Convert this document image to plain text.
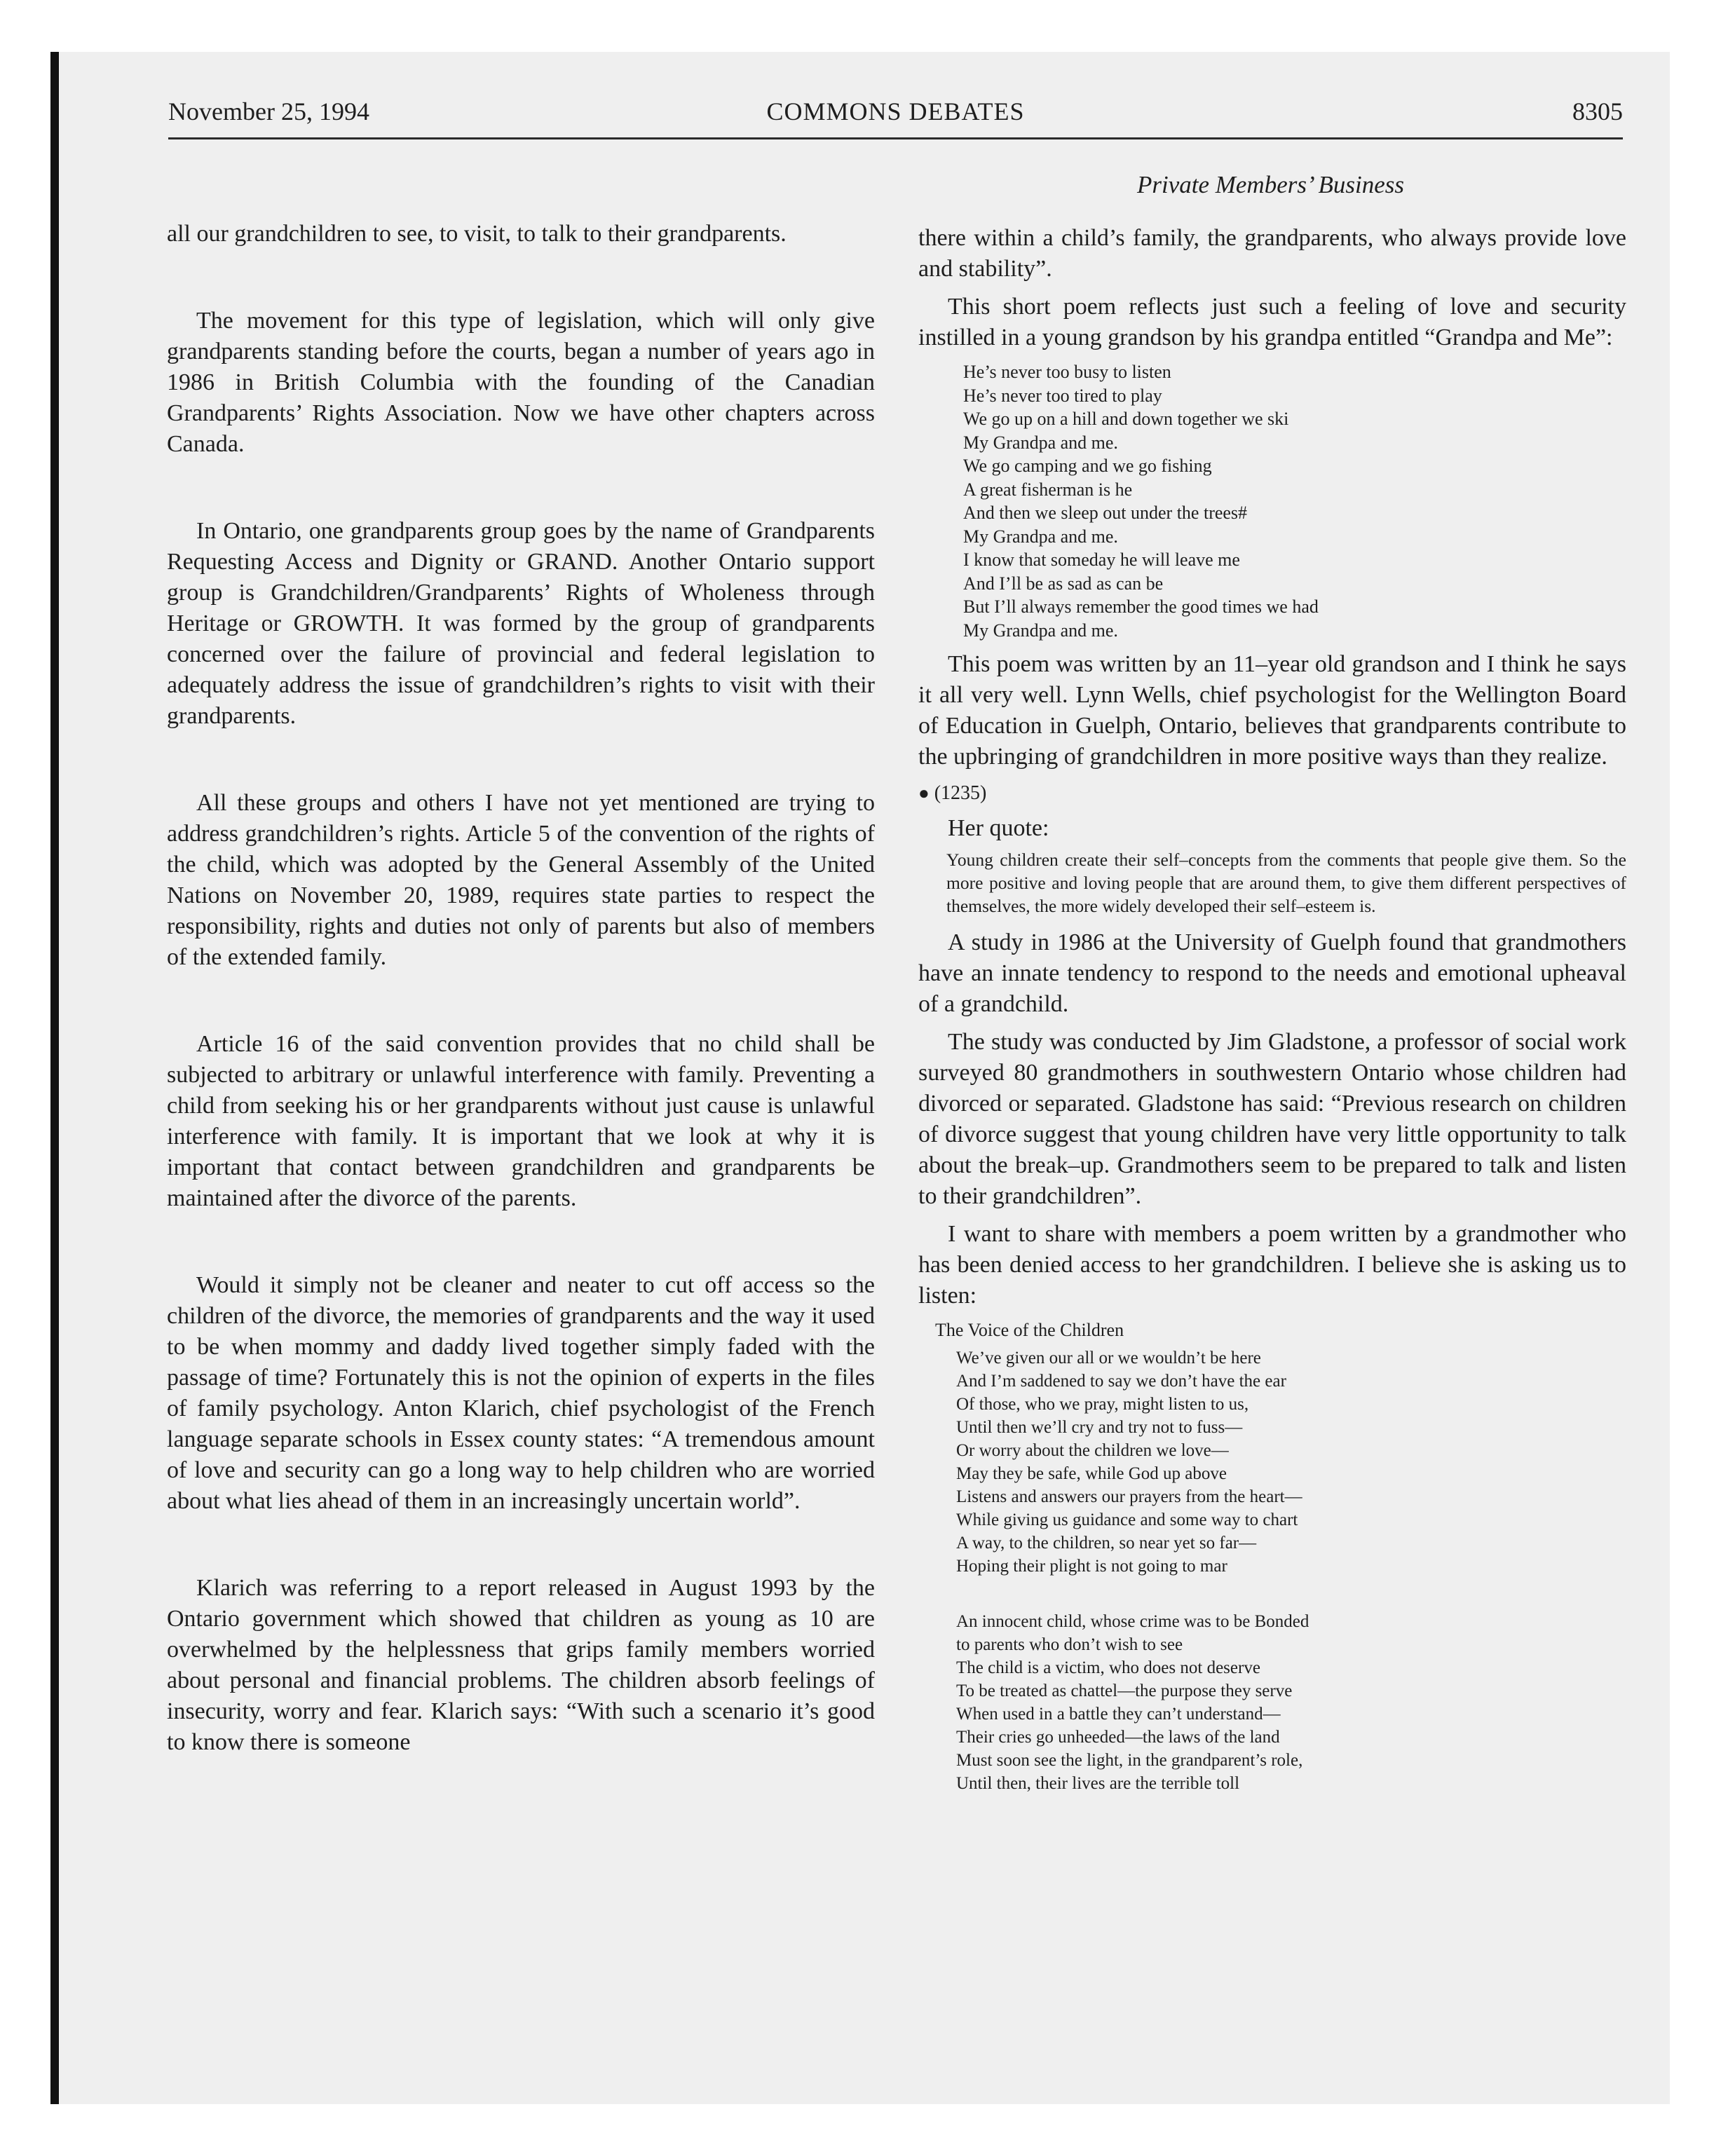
November 25, 1994	COMMONS DEBATES	8305
Private Members’ Business

all our grandchildren to see, to visit, to talk to their grandparents.

The movement for this type of legislation, which will only give grandparents standing before the courts, began a number of years ago in 1986 in British Columbia with the founding of the Canadian Grandparents’ Rights Association. Now we have other chapters across Canada.

In Ontario, one grandparents group goes by the name of Grandparents Requesting Access and Dignity or GRAND. Another Ontario support group is Grandchildren/Grandparents’ Rights of Wholeness through Heritage or GROWTH. It was formed by the group of grandparents concerned over the failure of provincial and federal legislation to adequately address the issue of grandchildren’s rights to visit with their grandparents.

All these groups and others I have not yet mentioned are trying to address grandchildren’s rights. Article 5 of the convention of the rights of the child, which was adopted by the General Assembly of the United Nations on November 20, 1989, requires state parties to respect the responsibility, rights and duties not only of parents but also of members of the extended family.

Article 16 of the said convention provides that no child shall be subjected to arbitrary or unlawful interference with family. Preventing a child from seeking his or her grandparents without just cause is unlawful interference with family. It is important that we look at why it is important that contact between grandchildren and grandparents be maintained after the divorce of the parents.

Would it simply not be cleaner and neater to cut off access so the children of the divorce, the memories of grandparents and the way it used to be when mommy and daddy lived together simply faded with the passage of time? Fortunately this is not the opinion of experts in the files of family psychology. Anton Klarich, chief psychologist of the French language separate schools in Essex county states: “A tremendous amount of love and security can go a long way to help children who are worried about what lies ahead of them in an increasingly uncertain world”.

Klarich was referring to a report released in August 1993 by the Ontario government which showed that children as young as 10 are overwhelmed by the helplessness that grips family members worried about personal and financial problems. The children absorb feelings of insecurity, worry and fear. Klarich says: “With such a scenario it’s good to know there is someone

there within a child’s family, the grandparents, who always provide love and stability”.

This short poem reflects just such a feeling of love and security instilled in a young grandson by his grandpa entitled “Grandpa and Me”:

He’s never too busy to listen
He’s never too tired to play
We go up on a hill and down together we ski
My Grandpa and me.
We go camping and we go fishing
A great fisherman is he
And then we sleep out under the trees#
My Grandpa and me.
I know that someday he will leave me
And I’ll be as sad as can be
But I’ll always remember the good times we had
My Grandpa and me.

This poem was written by an 11–year old grandson and I think he says it all very well. Lynn Wells, chief psychologist for the Wellington Board of Education in Guelph, Ontario, believes that grandparents contribute to the upbringing of grandchildren in more positive ways than they realize.

● (1235)
Her quote:
Young children create their self–concepts from the comments that people give them. So the more positive and loving people that are around them, to give them different perspectives of themselves, the more widely developed their self–esteem is.

A study in 1986 at the University of Guelph found that grandmothers have an innate tendency to respond to the needs and emotional upheaval of a grandchild.

The study was conducted by Jim Gladstone, a professor of social work surveyed 80 grandmothers in southwestern Ontario whose children had divorced or separated. Gladstone has said: “Previous research on children of divorce suggest that young children have very little opportunity to talk about the break–up. Grandmothers seem to be prepared to talk and listen to their grandchildren”.

I want to share with members a poem written by a grandmother who has been denied access to her grandchildren. I believe she is asking us to listen:

The Voice of the Children
We’ve given our all or we wouldn’t be here
And I’m saddened to say we don’t have the ear
Of those, who we pray, might listen to us,
Until then we’ll cry and try not to fuss—
Or worry about the children we love—
May they be safe, while God up above
Listens and answers our prayers from the heart—
While giving us guidance and some way to chart
A way, to the children, so near yet so far—
Hoping their plight is not going to mar
An innocent child, whose crime was to be Bonded
to parents who don’t wish to see
The child is a victim, who does not deserve
To be treated as chattel—the purpose they serve
When used in a battle they can’t understand—
Their cries go unheeded—the laws of the land
Must soon see the light, in the grandparent’s role,
Until then, their lives are the terrible toll
